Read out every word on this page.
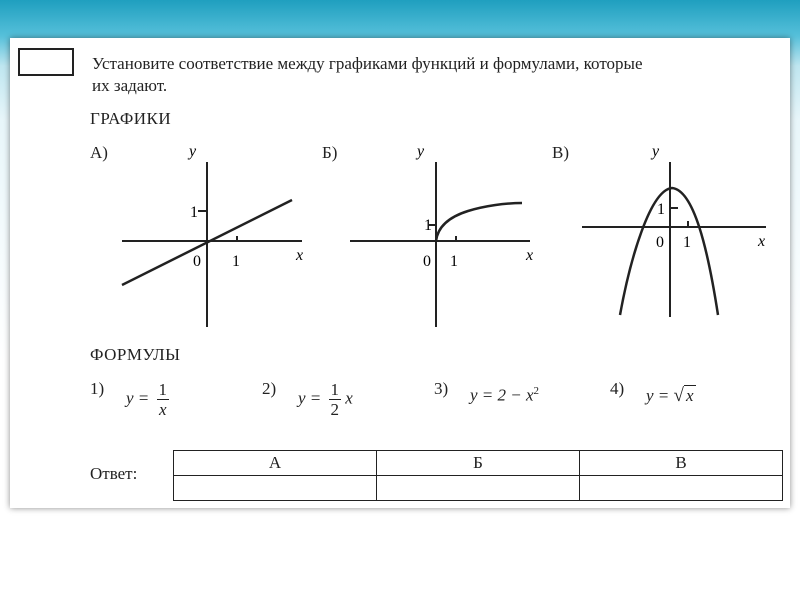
Установите соответствие между графиками функций и формулами, которые
их задают.
ГРАФИКИ
А)	Б)	В)
y
x
0 1
1
y
x
0 1
1
y
x
0 1
1
ФОРМУЛЫ
1) $y = \frac{1}{x}$	2) $y = \frac{1}{2}$ x	3) $y = 2 - x^2$	4) y = √ x
Ответ:
А	Б	В
